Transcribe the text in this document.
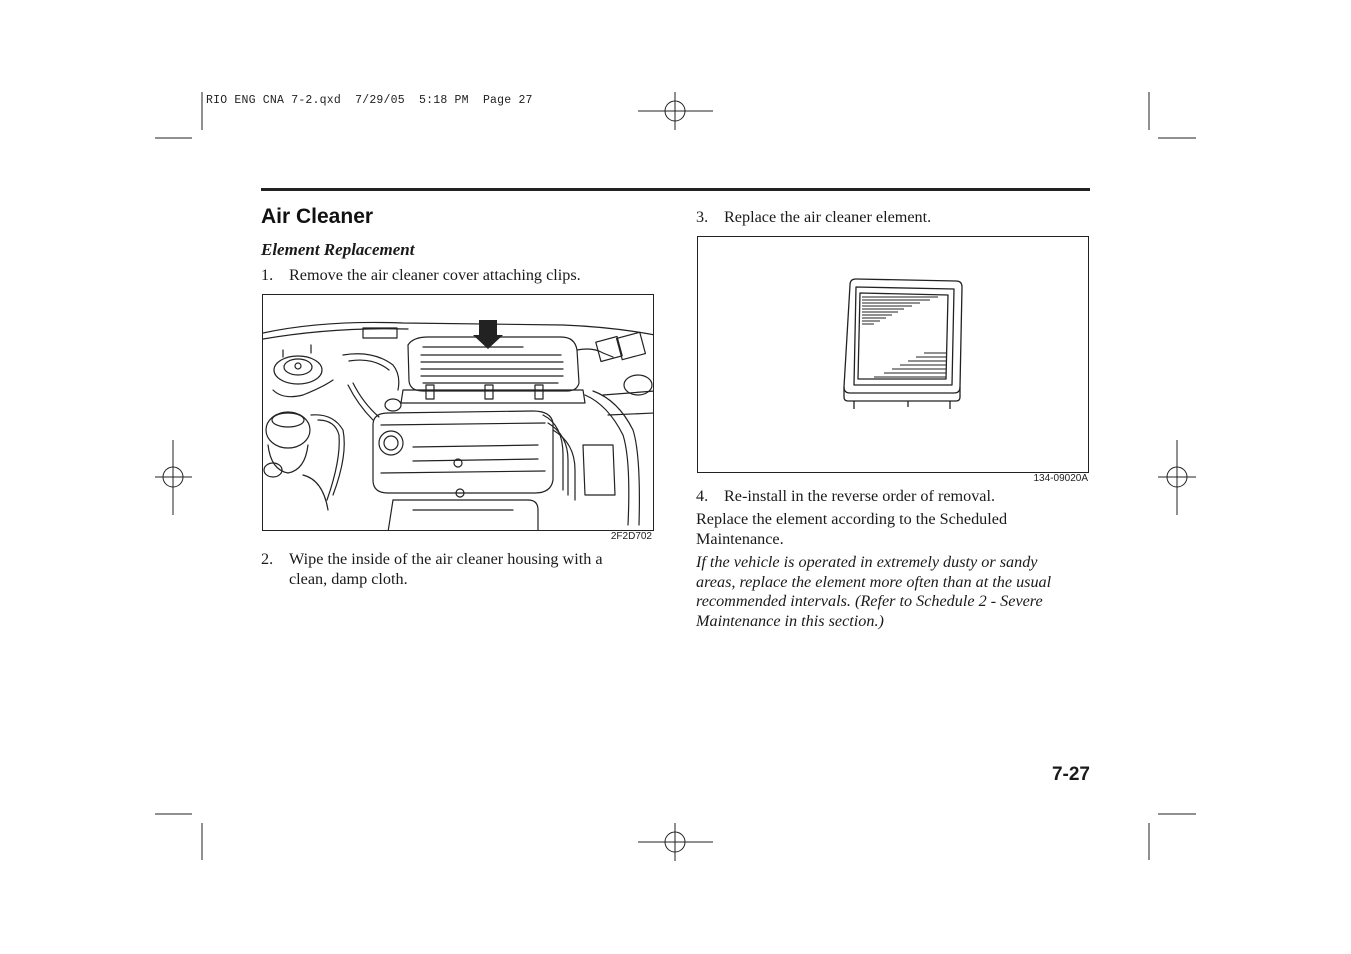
RIO ENG CNA 7-2.qxd  7/29/05  5:18 PM  Page 27
Air Cleaner
Element Replacement
1. Remove the air cleaner cover attaching clips.
2F2D702
2. Wipe the inside of the air cleaner housing with a
clean, damp cloth.
3. Replace the air cleaner element.
134-09020A
4. Re-install in the reverse order of removal.
Replace the element according to the Scheduled
Maintenance.
If the vehicle is operated in extremely dusty or sandy
areas, replace the element more often than at the usual
recommended intervals. (Refer to Schedule 2 - Severe
Maintenance in this section.)
7-27
